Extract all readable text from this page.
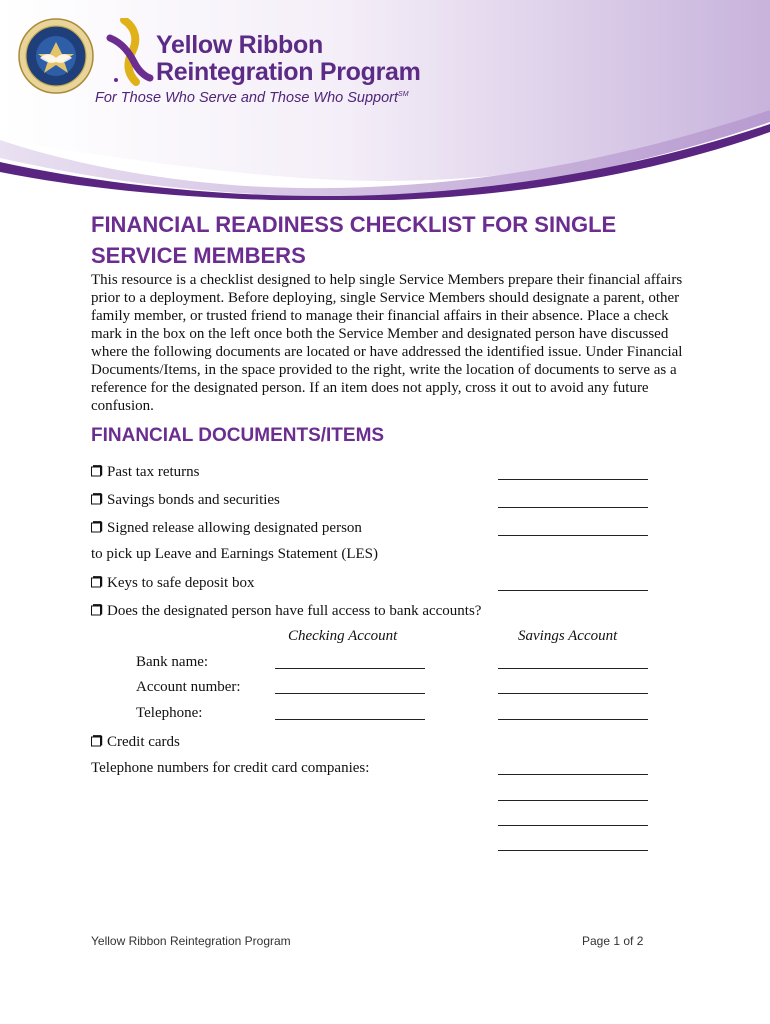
Yellow Ribbon
Reintegration Program
For Those Who Serve and Those Who Support℠
FINANCIAL READINESS CHECKLIST FOR SINGLE SERVICE MEMBERS

This resource is a checklist designed to help single Service Members prepare their financial affairs prior to a deployment. Before deploying, single Service Members should designate a parent, other family member, or trusted friend to manage their financial affairs in their absence. Place a check mark in the box on the left once both the Service Member and designated person have discussed where the following documents are located or have addressed the identified issue. Under Financial Documents/Items, in the space provided to the right, write the location of documents to serve as a reference for the designated person. If an item does not apply, cross it out to avoid any future confusion.

FINANCIAL DOCUMENTS/ITEMS
Past tax returns
Savings bonds and securities
Signed release allowing designated person
to pick up Leave and Earnings Statement (LES)
Keys to safe deposit box
Does the designated person have full access to bank accounts?
Checking Account	Savings Account
Bank name:
Account number:
Telephone:
Credit cards
Telephone numbers for credit card companies:
Yellow Ribbon Reintegration Program	Page 1 of 2
